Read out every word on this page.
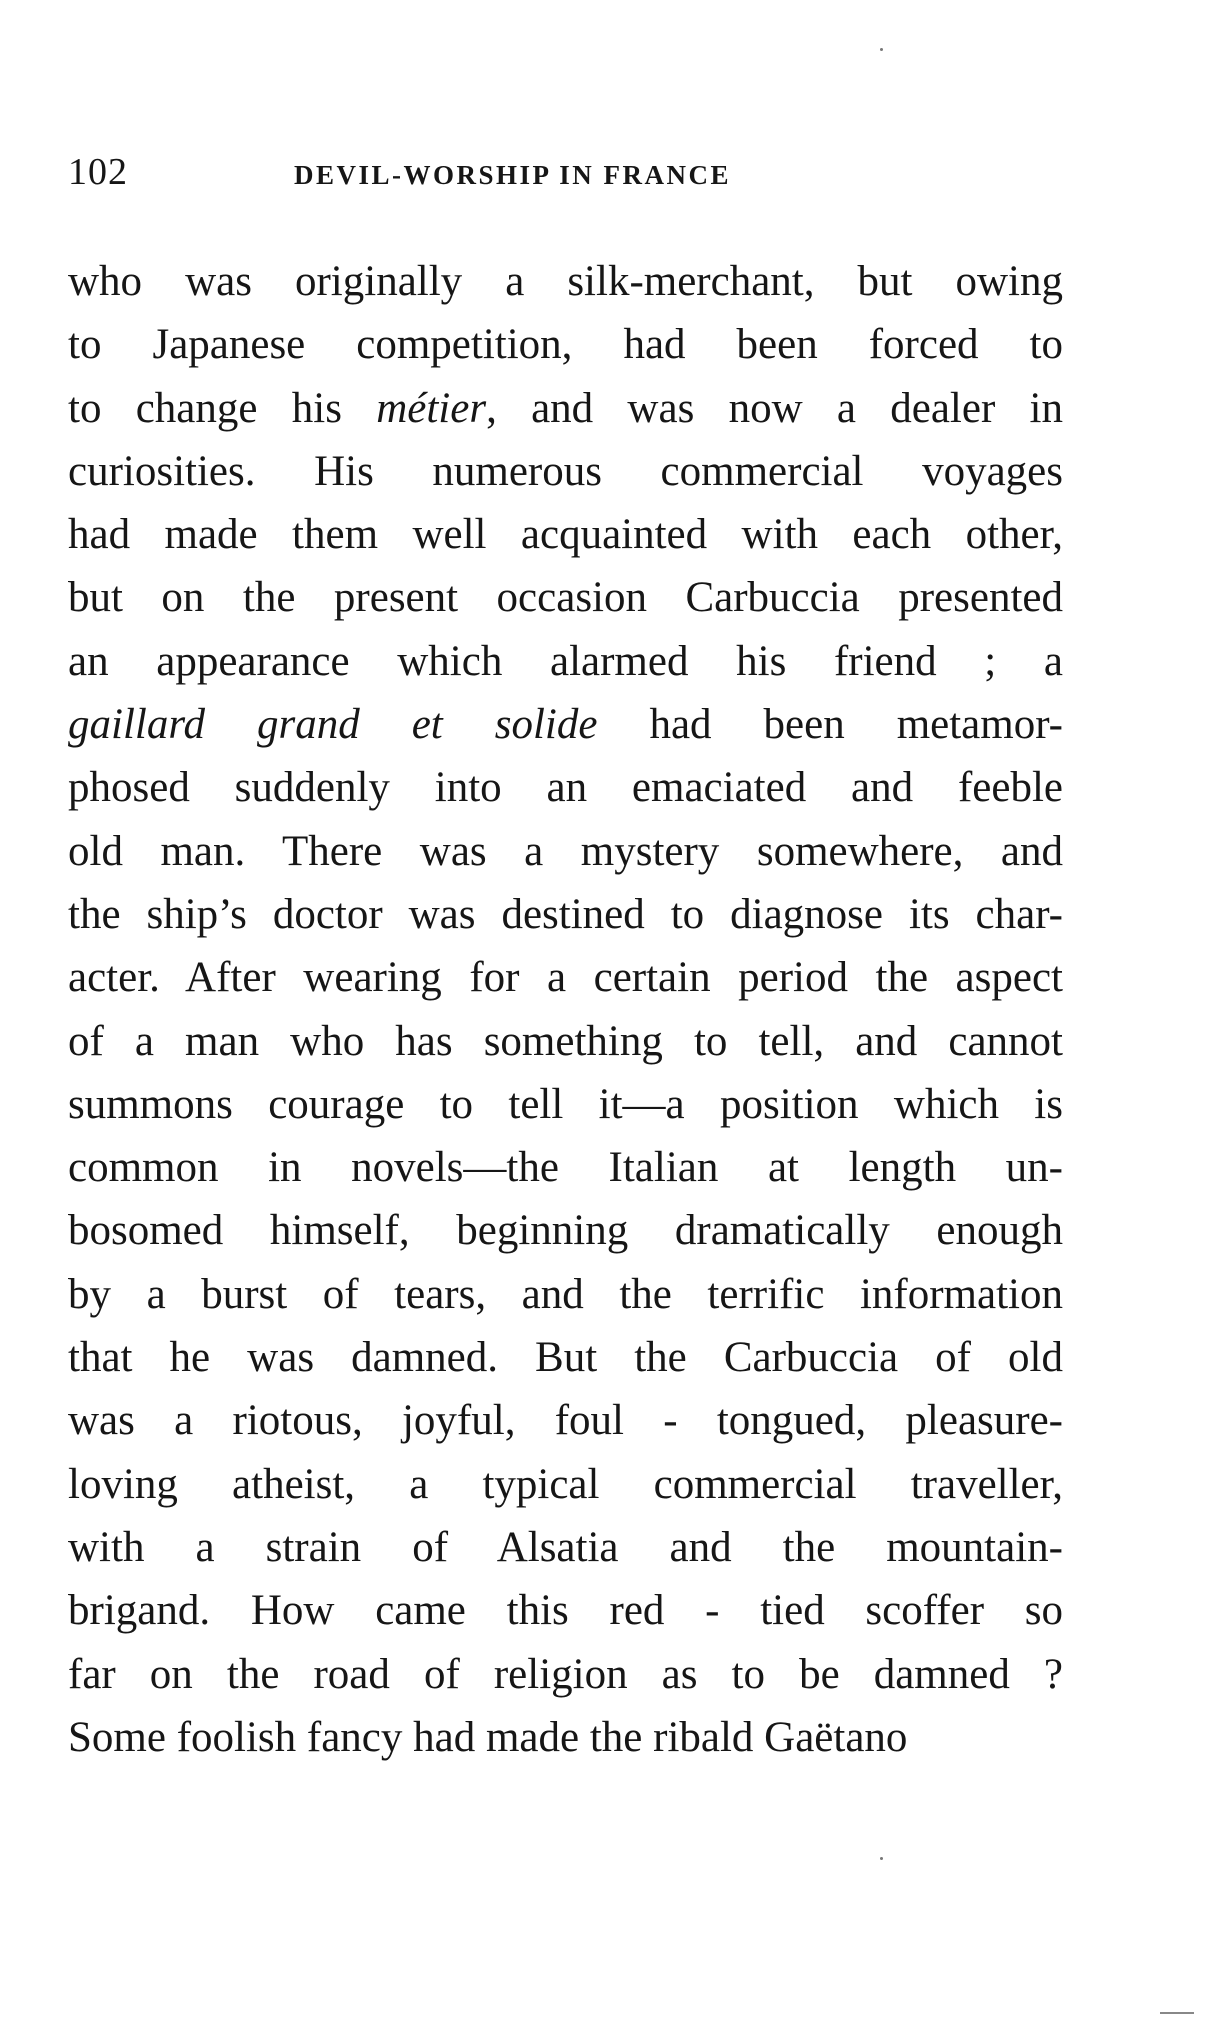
102	DEVIL-WORSHIP IN FRANCE
who was originally a silk-merchant, but owing
to Japanese competition, had been forced to
to change his métier, and was now a dealer in
curiosities. His numerous commercial voyages
had made them well acquainted with each other,
but on the present occasion Carbuccia presented
an appearance which alarmed his friend ; a
gaillard grand et solide had been metamor-
phosed suddenly into an emaciated and feeble
old man. There was a mystery somewhere, and
the ship’s doctor was destined to diagnose its char-
acter. After wearing for a certain period the aspect
of a man who has something to tell, and cannot
summons courage to tell it—a position which is
common in novels—the Italian at length un-
bosomed himself, beginning dramatically enough
by a burst of tears, and the terrific information
that he was damned. But the Carbuccia of old
was a riotous, joyful, foul - tongued, pleasure-
loving atheist, a typical commercial traveller,
with a strain of Alsatia and the mountain-
brigand. How came this red - tied scoffer so
far on the road of religion as to be damned ?
Some foolish fancy had made the ribald Gaëtano
